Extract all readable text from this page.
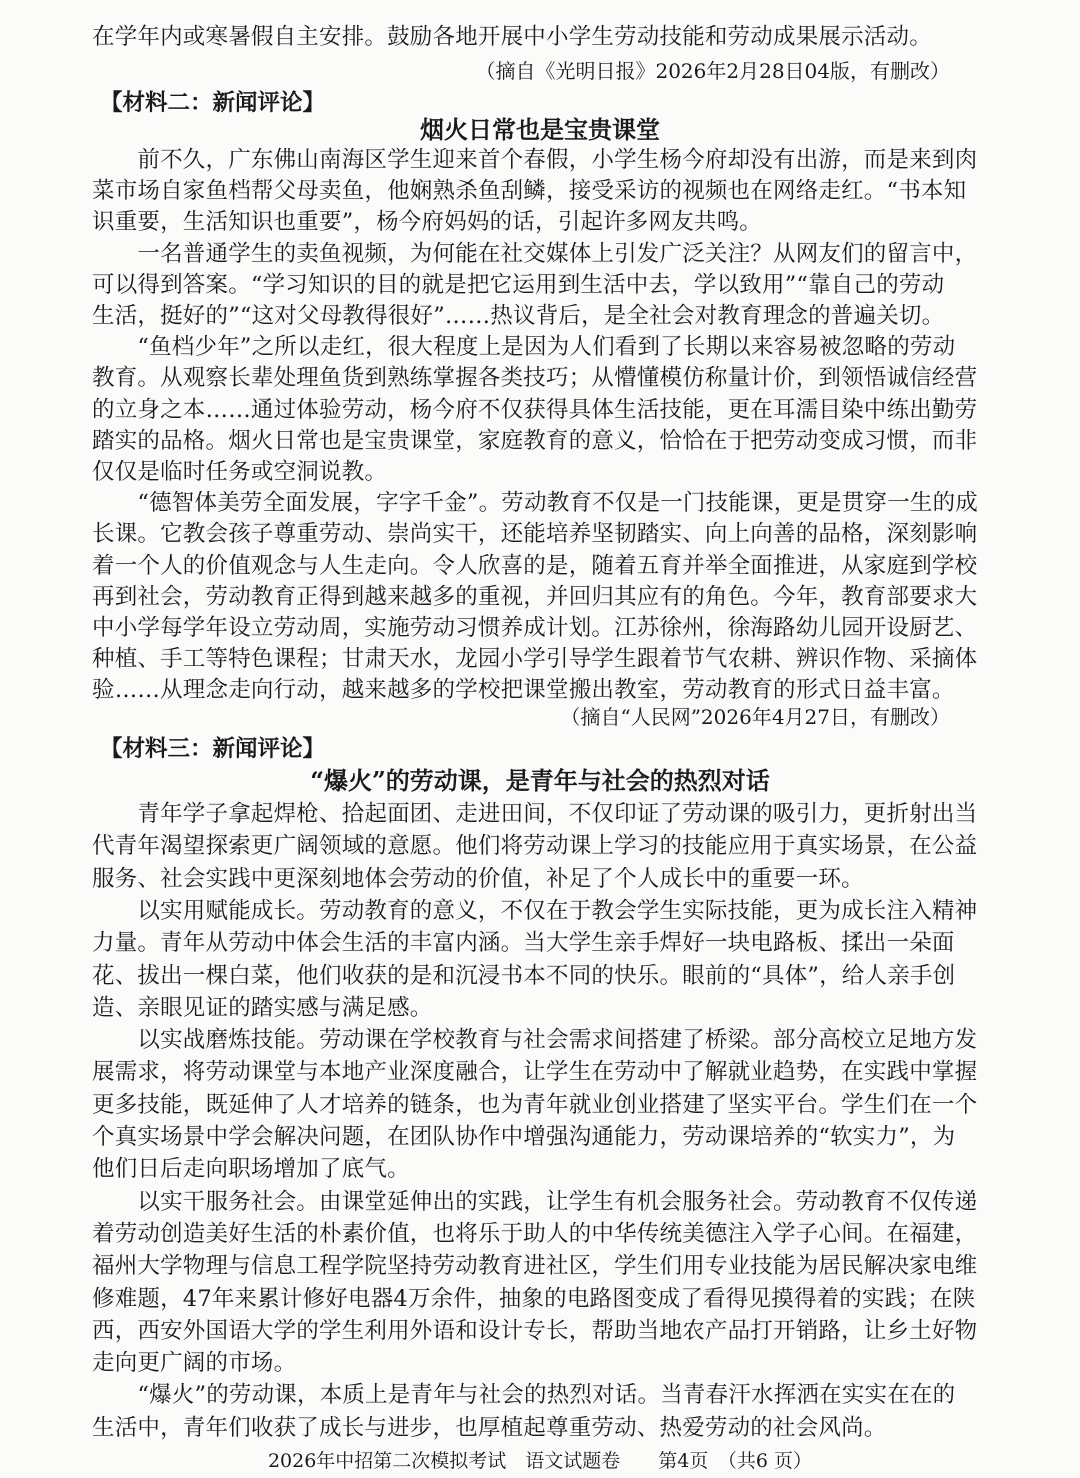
在学年内或寒暑假自主安排。鼓励各地开展中小学生劳动技能和劳动成果展示活动。
（摘自《光明日报》2026年2月28日04版，有删改）
【材料二：新闻评论】
烟火日常也是宝贵课堂
　　前不久，广东佛山南海区学生迎来首个春假，小学生杨今府却没有出游，而是来到肉
菜市场自家鱼档帮父母卖鱼，他娴熟杀鱼刮鳞，接受采访的视频也在网络走红。“书本知
识重要，生活知识也重要”，杨今府妈妈的话，引起许多网友共鸣。
　　一名普通学生的卖鱼视频，为何能在社交媒体上引发广泛关注？从网友们的留言中，
可以得到答案。“学习知识的目的就是把它运用到生活中去，学以致用”“靠自己的劳动
生活，挺好的”“这对父母教得很好”……热议背后，是全社会对教育理念的普遍关切。
　　“鱼档少年”之所以走红，很大程度上是因为人们看到了长期以来容易被忽略的劳动
教育。从观察长辈处理鱼货到熟练掌握各类技巧；从懵懂模仿称量计价，到领悟诚信经营
的立身之本……通过体验劳动，杨今府不仅获得具体生活技能，更在耳濡目染中练出勤劳
踏实的品格。烟火日常也是宝贵课堂，家庭教育的意义，恰恰在于把劳动变成习惯，而非
仅仅是临时任务或空洞说教。
　　“德智体美劳全面发展，字字千金”。劳动教育不仅是一门技能课，更是贯穿一生的成
长课。它教会孩子尊重劳动、崇尚实干，还能培养坚韧踏实、向上向善的品格，深刻影响
着一个人的价值观念与人生走向。令人欣喜的是，随着五育并举全面推进，从家庭到学校
再到社会，劳动教育正得到越来越多的重视，并回归其应有的角色。今年，教育部要求大
中小学每学年设立劳动周，实施劳动习惯养成计划。江苏徐州，徐海路幼儿园开设厨艺、
种植、手工等特色课程；甘肃天水，龙园小学引导学生跟着节气农耕、辨识作物、采摘体
验……从理念走向行动，越来越多的学校把课堂搬出教室，劳动教育的形式日益丰富。
（摘自“人民网”2026年4月27日，有删改）
【材料三：新闻评论】
“爆火”的劳动课，是青年与社会的热烈对话
　　青年学子拿起焊枪、拾起面团、走进田间，不仅印证了劳动课的吸引力，更折射出当
代青年渴望探索更广阔领域的意愿。他们将劳动课上学习的技能应用于真实场景，在公益
服务、社会实践中更深刻地体会劳动的价值，补足了个人成长中的重要一环。
　　以实用赋能成长。劳动教育的意义，不仅在于教会学生实际技能，更为成长注入精神
力量。青年从劳动中体会生活的丰富内涵。当大学生亲手焊好一块电路板、揉出一朵面
花、拔出一棵白菜，他们收获的是和沉浸书本不同的快乐。眼前的“具体”，给人亲手创
造、亲眼见证的踏实感与满足感。
　　以实战磨炼技能。劳动课在学校教育与社会需求间搭建了桥梁。部分高校立足地方发
展需求，将劳动课堂与本地产业深度融合，让学生在劳动中了解就业趋势，在实践中掌握
更多技能，既延伸了人才培养的链条，也为青年就业创业搭建了坚实平台。学生们在一个
个真实场景中学会解决问题，在团队协作中增强沟通能力，劳动课培养的“软实力”，为
他们日后走向职场增加了底气。
　　以实干服务社会。由课堂延伸出的实践，让学生有机会服务社会。劳动教育不仅传递
着劳动创造美好生活的朴素价值，也将乐于助人的中华传统美德注入学子心间。在福建，
福州大学物理与信息工程学院坚持劳动教育进社区，学生们用专业技能为居民解决家电维
修难题，47年来累计修好电器4万余件，抽象的电路图变成了看得见摸得着的实践；在陕
西，西安外国语大学的学生利用外语和设计专长，帮助当地农产品打开销路，让乡土好物
走向更广阔的市场。
　　“爆火”的劳动课，本质上是青年与社会的热烈对话。当青春汗水挥洒在实实在在的
生活中，青年们收获了成长与进步，也厚植起尊重劳动、热爱劳动的社会风尚。
2026年中招第二次模拟考试　语文试题卷　　第4页　（共6 页）
